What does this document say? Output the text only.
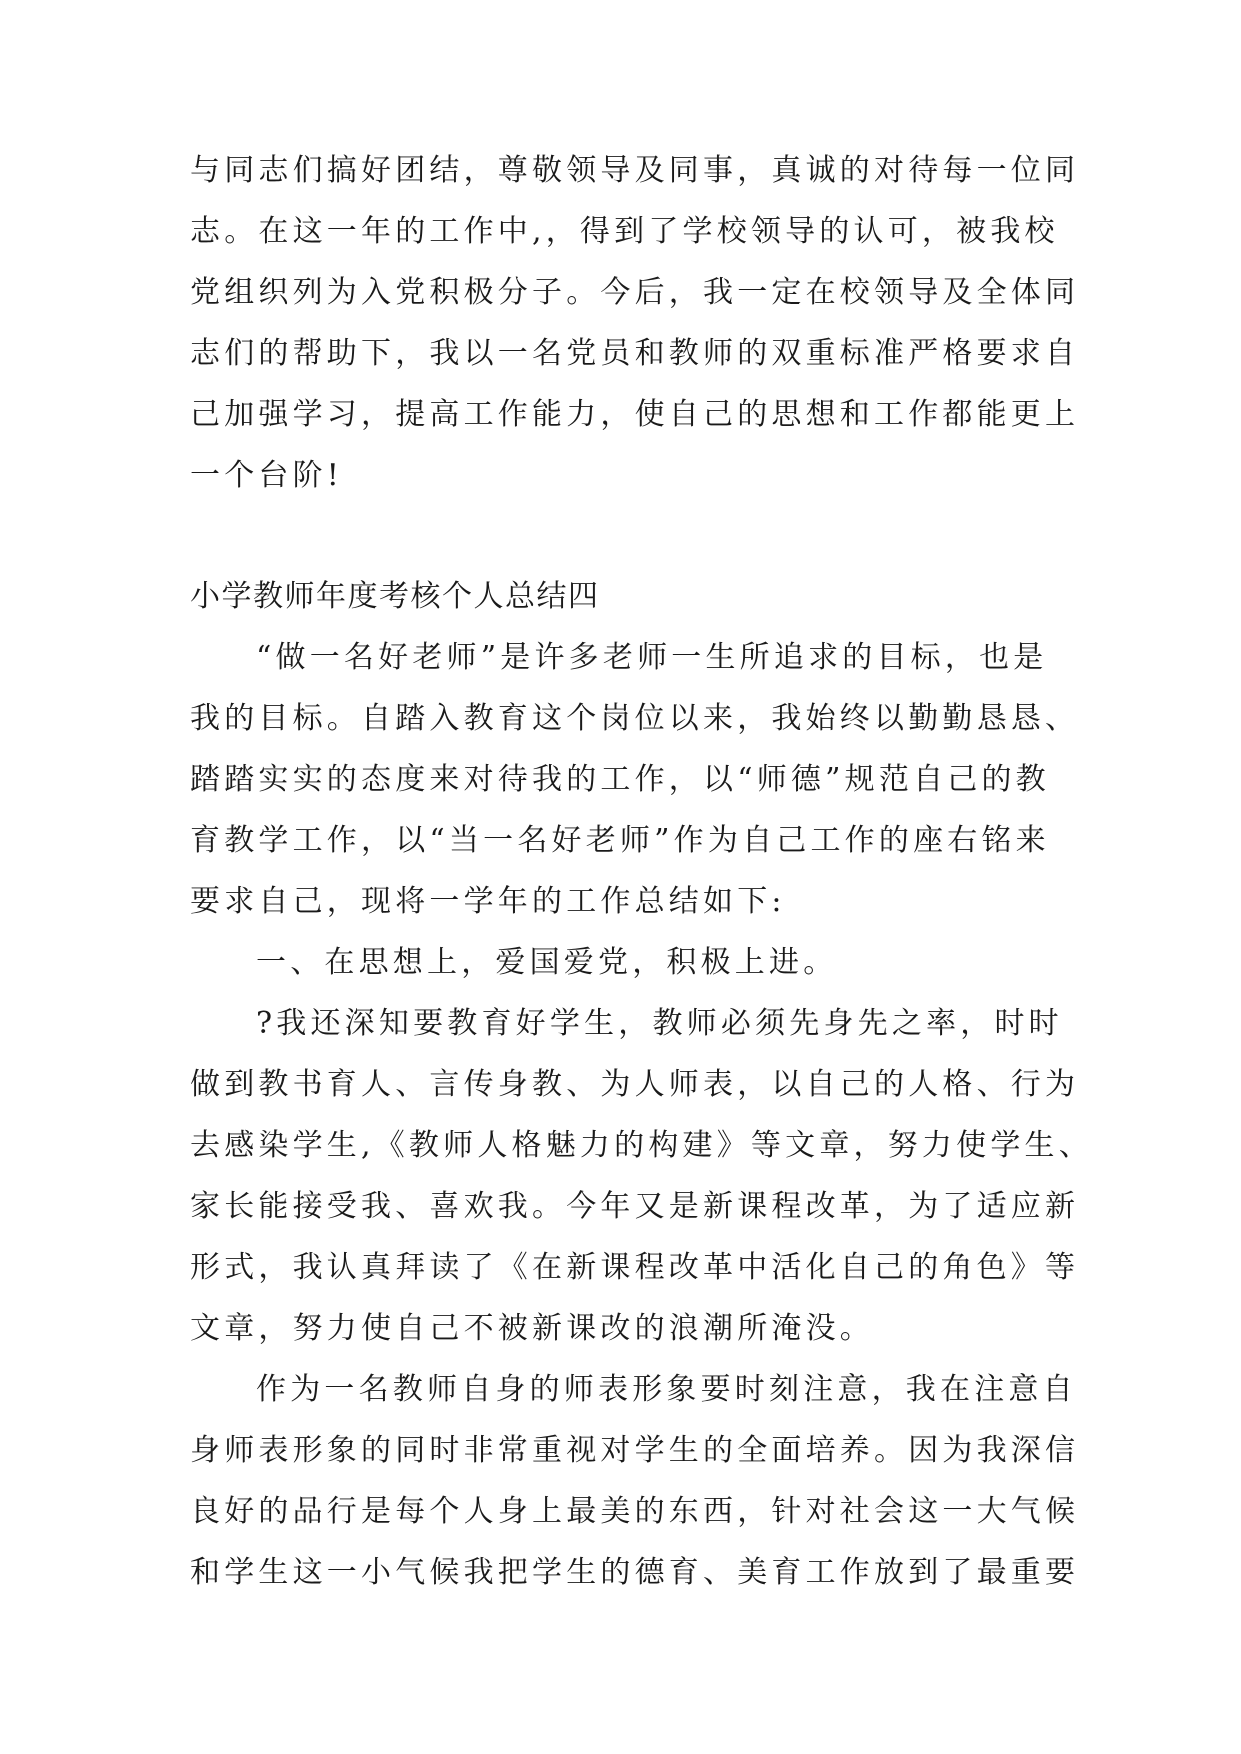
与同志们搞好团结，尊敬领导及同事，真诚的对待每一位同
志。在这一年的工作中,，得到了学校领导的认可，被我校
党组织列为入党积极分子。今后，我一定在校领导及全体同
志们的帮助下，我以一名党员和教师的双重标准严格要求自
己加强学习，提高工作能力，使自己的思想和工作都能更上
一个台阶!
小学教师年度考核个人总结四
“做一名好老师”是许多老师一生所追求的目标，也是
我的目标。自踏入教育这个岗位以来，我始终以勤勤恳恳、
踏踏实实的态度来对待我的工作，以“师德”规范自己的教
育教学工作，以“当一名好老师”作为自己工作的座右铭来
要求自己，现将一学年的工作总结如下:
一、在思想上，爱国爱党，积极上进。
?我还深知要教育好学生，教师必须先身先之率，时时
做到教书育人、言传身教、为人师表，以自己的人格、行为
去感染学生,《教师人格魅力的构建》等文章，努力使学生、
家长能接受我、喜欢我。今年又是新课程改革，为了适应新
形式，我认真拜读了《在新课程改革中活化自己的角色》等
文章，努力使自己不被新课改的浪潮所淹没。
作为一名教师自身的师表形象要时刻注意，我在注意自
身师表形象的同时非常重视对学生的全面培养。因为我深信
良好的品行是每个人身上最美的东西，针对社会这一大气候
和学生这一小气候我把学生的德育、美育工作放到了最重要
